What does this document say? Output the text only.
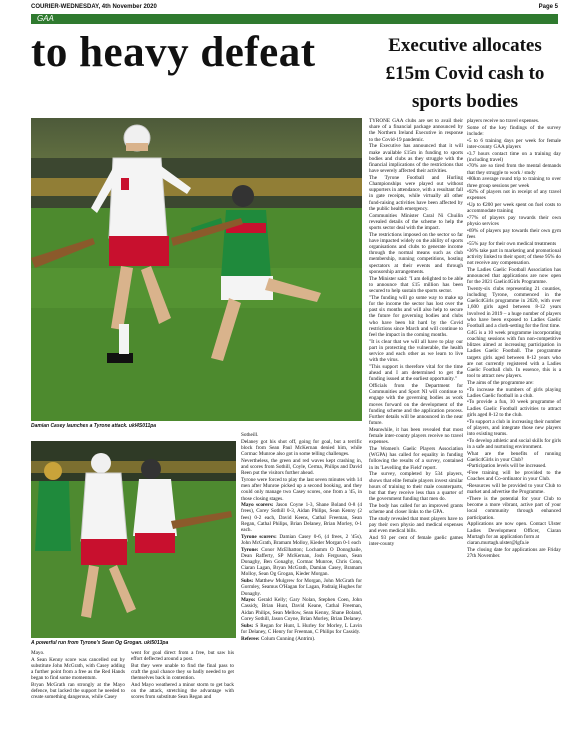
COURIER-WEDNESDAY, 4th November 2020	Page 5
GAA
to heavy defeat	Executive allocates £15m Covid cash to sports bodies
Damian Casey launches a Tyrone attack. ukl4S011pa
A powerful run from Tyrone's Sean Og Grogan. ukl5013pa

Mayo.

A Sean Kenny score was cancelled out by substitute John McGrath, with Casey adding a further point from a free as the Red Hands began to find some momentum.

Bryan McGrath ran strongly at the Mayo defence, but lacked the support he needed to create something dangerous, while Casey

went for goal direct from a free, but saw his effort deflected around a post.

But they were unable to find the final pass to craft the goal chance they so badly needed to get themselves back in contention.

And Mayo weathered a minor storm to get back on the attack, stretching the advantage with scores from substitute Sean Regan and

Sotheill.

Delaney got his shot off, going for goal, but a terrific block from Sean Paul McKernan denied him, while Cormac Munroe also got in some telling challenges.

Nevertheless, the green and red waves kept crashing in, and scores from Sothill, Coyle, Cerma, Philips and David Reen put the visitors further ahead.

Tyrone were forced to play the last seven minutes with 14 men after Munroe picked up a second booking, and they could only manage two Casey scores, one from a '45, in those closing stages.

Mayo scorers: Jason Coyne 1-3, Shane Boland 0-8 (4 frees), Corey Sothill 0-3, Aidan Philips, Sean Kenny (2 fees) 0-2 each, David Keens, Cathal Freeman, Sean Regan, Cathal Philips, Brian Delaney, Brian Morley, 0-1 each.

Tyrone scorers: Damian Casey 0-6, (4 frees, 2 '45s), John McGrath, Bramam Molloy, Kieder Morgan 0-1 each

Tyrone: Conor McElhatton; Lochamm O Donnghaile, Dean Rafferty, SP McKernan, Josh Ferguson, Sean Donaghy, Ben Gonaghy, Cormac Munroe, Chris Conn, Ciaran Lagan, Bryan McGrath, Damian Casey, Bramam Molloy, Sean Og Grogan, Kieder Morgan.

Subs: Matthew Mulgrew for Morgan, John McGrath for Gormley, Seamus O'Hagan for Lagan, Padraig Hughes for Donaghy.

Mayo: Gerald Kelly; Gary Nolan, Stephen Coen, John Cassidy, Brian Hunt, David Keane, Cathal Freeman, Aidan Philips, Sean Mellow, Sean Kenny, Shane Boland, Corey Sothill, Jason Coyne, Brian Morley, Brian Delaney.

Subs: S Regan for Hunt, L Hurley for Morley, L Lavin for Delaney, C Henry for Freeman, C Philips for Cassidy.

Referee: Colum Cunning (Antrim).

TYRONE GAA clubs are set to avail their share of a financial package announced by the Northern Ireland Executive in response to the Covid-19 pandemic.

The Executive has announced that it will make available £15m in funding to sports bodies and clubs as they struggle with the financial implications of the restrictions that have severely affected their activities.

The Tyrone Football and Hurling Championships were played out without supporters in attendance, with a resultant fall in gate receipts, while virtually all other fund-raising activities have been affected by the public health emergency.

Communities Minister Caral Ni Chuilin revealed details of the scheme to help the sports sector deal with the impact.

The restrictions imposed on the sector so far have impacted widely on the ability of sports organisations and clubs to generate income through the normal means such as club membership, running competitions, hosting spectators at their events and through sponsorship arrangements.

The Minister said: "I am delighted to be able to announce that £15 million has been secured to help sustain the sports sector.

"The funding will go some way to make up for the income the sector has lost over the past six months and will also help to secure the future for governing bodies and clubs who have been hit hard by the Covid restrictions since March and will continue to feel the impact in the coming months.

"It is clear that we will all have to play our part in protecting the vulnerable, the health service and each other as we learn to live with the virus.

"This support is therefore vital for the time ahead and I am determined to get the funding issued at the earliest opportunity."

Officials from the Department for Communities and Sport NI will continue to engage with the governing bodies as work moves forward on the development of the funding scheme and the application process. Further details will be announced in the near future.

Meanwhile, it has been revealed that most female inter-county players receive no travel expenses.

The Women's Gaelic Players Association (WGPA) has called for equality in funding following the results of a survey, contained in its 'Levelling the Field' report.

The survey, completed by 534 players, shows that elite female players invest similar hours of training to their male counterparts, but that they receive less than a quarter of the government funding that men do.

The body has called for an improved grants scheme and closer links to the GPA.

The study revealed that most players have to pay their own physio and medical expenses and even medical bills.

And 93 per cent of female gaelic games inter-county

players receive no travel expenses.

Some of the key findings of the survey include:

•5 to 6 training days per week for female inter-county GAA players

•3.7 hours contact time on a training day (including travel)

•70% are so tired from the mental demands that they struggle to work / study

•80km average round trip to training to over three group sessions per week

•92% of players not in receipt of any travel expenses

•Up to €200 per week spent on fuel costs to accommodate training

•77% of players pay towards their own physio services

•69% of players pay towards their own gym fees

•55% pay for their own medical treatments

•36% take part in marketing and promotional activity linked to their sport; of these 95% do not receive any compensation.

The Ladies Gaelic Football Association has announced that applications are now open for the 2021 Gaelic4Girls Programme.

Twenty-six clubs representing 21 counties, including Tyrone, commenced in the Gaelic4Girls programme in 2020, with over 1,600 girls aged between 8-12 years involved in 2019 – a huge number of players who have been exposed to Ladies Gaelic Football and a cloth-setting for the first time.

G4G is a 10 week programme incorporating coaching sessions with fun non-competitive blitzes aimed at increasing participation in Ladies Gaelic Football. The programme targets girls aged between 8-12 years who are not currently registered with a Ladies Gaelic Football club. In essence, this is a tool to attract new players.

The aims of the programme are:

•To increase the numbers of girls playing Ladies Gaelic football in a club.

•To provide a fun, 10 week programme of Ladies Gaelic Football activities to attract girls aged 8-12 to the club.

•To support a club in increasing their number of players, and integrate those new players into existing teams.

•To develop athletic and social skills for girls in a safe and nurturing environment.

What are the benefits of running Gaelic4Girls in your Club?

•Participation levels will be increased.

•Free training will be provided to the Coaches and Co-ordinator in your Club.

•Resources will be provided to your Club to market and advertise the Programme.

•There is the potential for your Club to become a more vibrant, active part of your local community through enhanced participation.

Applications are now open. Contact Ulster Ladies Development Officer, Ciaran Murtagh for an application form at

ciaran.murtagh.ulster@lgfa.ie

The closing date for applications are Friday 27th November.
